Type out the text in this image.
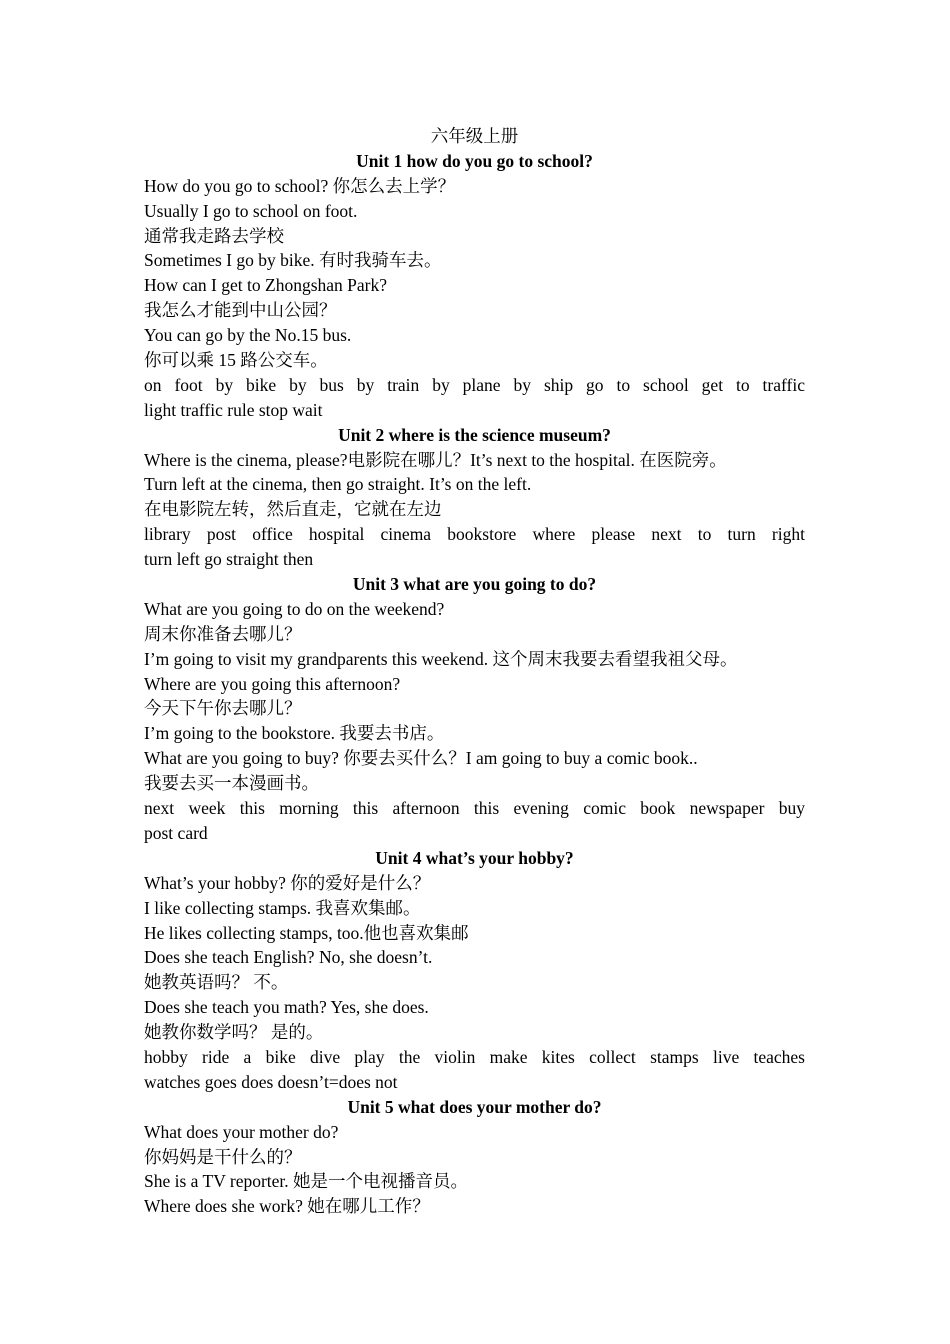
六年级上册
Unit 1 how do you go to school?
How do you go to school? 你怎么去上学？
Usually I go to school on foot.
通常我走路去学校
Sometimes I go by bike. 有时我骑车去。
How can I get to Zhongshan Park?
我怎么才能到中山公园？
You can go by the No.15 bus.
你可以乘 15 路公交车。
on foot by bike by bus by train by plane by ship go to school get to traffic
light traffic rule stop wait
Unit 2 where is the science museum?
Where is the cinema, please?电影院在哪儿？It’s next to the hospital. 在医院旁。
Turn left at the cinema, then go straight. It’s on the left.
在电影院左转，然后直走，它就在左边
library post office hospital cinema bookstore where please next to turn right
turn left go straight then
Unit 3 what are you going to do?
What are you going to do on the weekend?
周末你准备去哪儿？
I’m going to visit my grandparents this weekend. 这个周末我要去看望我祖父母。
Where are you going this afternoon?
今天下午你去哪儿？
I’m going to the bookstore. 我要去书店。
What are you going to buy? 你要去买什么？I am going to buy a comic book..
我要去买一本漫画书。
next week this morning this afternoon this evening comic book newspaper buy
post card
Unit 4 what’s your hobby?
What’s your hobby? 你的爱好是什么？
I like collecting stamps. 我喜欢集邮。
He likes collecting stamps, too.他也喜欢集邮
Does she teach English? No, she doesn’t.
她教英语吗？ 不。
Does she teach you math? Yes, she does.
她教你数学吗？ 是的。
hobby ride a bike dive play the violin make kites collect stamps live teaches
watches goes does doesn’t=does not
Unit 5 what does your mother do?
What does your mother do?
你妈妈是干什么的？
She is a TV reporter. 她是一个电视播音员。
Where does she work? 她在哪儿工作？
